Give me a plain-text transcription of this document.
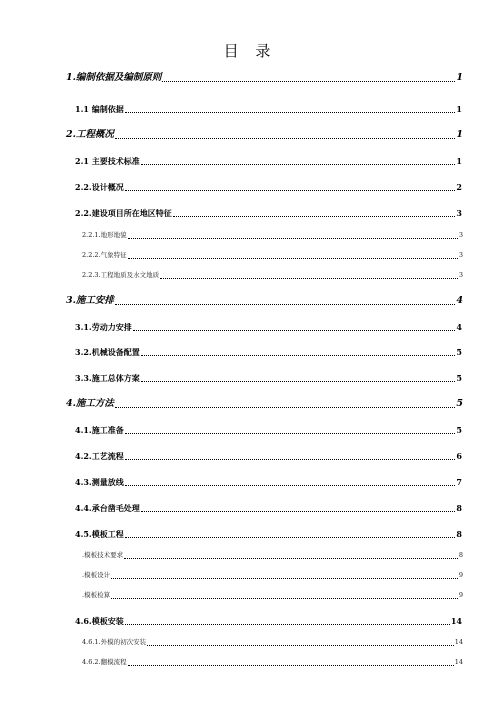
目 录
1.编制依据及编制原则	1
1.1 编制依据	1
2.工程概况	1
2.1 主要技术标准	1
2.2.设计概况	2
2.2.建设项目所在地区特征	3
2.2.1.地形地貌	3
2.2.2.气象特征	3
2.2.3.工程地质及水文地质	3
3.施工安排	4
3.1.劳动力安排	4
3.2.机械设备配置	5
3.3.施工总体方案	5
4.施工方法	5
4.1.施工准备	5
4.2.工艺流程	6
4.3.测量放线	7
4.4.承台凿毛处理	8
4.5.模板工程	8
.模板技术要求	8
.模板设计	9
.模板检算	9
4.6.模板安装	14
4.6.1.外模的初次安装	14
4.6.2.翻模流程	14
